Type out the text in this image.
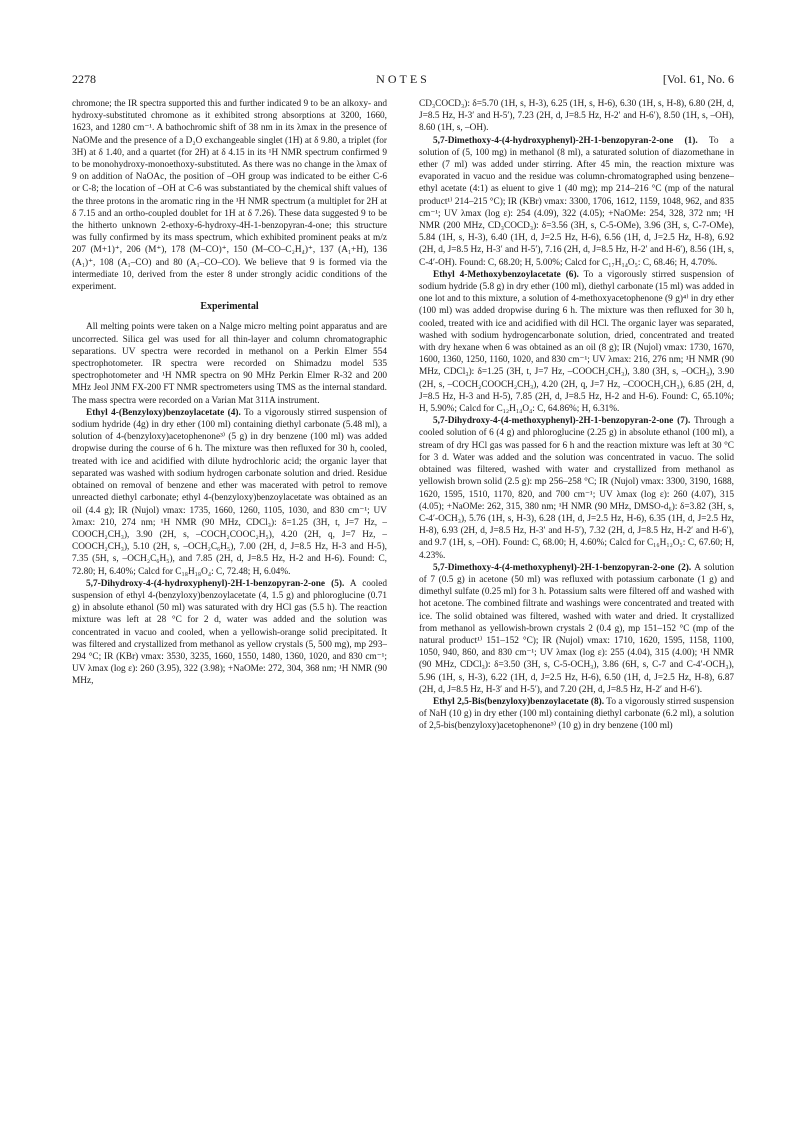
2278	NOTES	[Vol. 61, No. 6

chromone; the IR spectra supported this and further indicated 9 to be an alkoxy- and hydroxy-substituted chromone as it exhibited strong absorptions at 3200, 1660, 1623, and 1280 cm⁻¹. A bathochromic shift of 38 nm in its λmax in the presence of NaOMe and the presence of a D₂O exchangeable singlet (1H) at δ 9.80, a triplet (for 3H) at δ 1.40, and a quartet (for 2H) at δ 4.15 in its ¹H NMR spectrum confirmed 9 to be monohydroxy-monoethoxy-substituted. As there was no change in the λmax of 9 on addition of NaOAc, the position of –OH group was indicated to be either C-6 or C-8; the location of –OH at C-6 was substantiated by the chemical shift values of the three protons in the aromatic ring in the ¹H NMR spectrum (a multiplet for 2H at δ 7.15 and an ortho-coupled doublet for 1H at δ 7.26). These data suggested 9 to be the hitherto unknown 2-ethoxy-6-hydroxy-4H-1-benzopyran-4-one; this structure was fully confirmed by its mass spectrum, which exhibited prominent peaks at m/z 207 (M+1)⁺, 206 (M⁺), 178 (M–CO)⁺, 150 (M–CO–C₂H₄)⁺, 137 (A₁+H), 136 (A₁)⁺, 108 (A₁–CO) and 80 (A₁–CO–CO). We believe that 9 is formed via the intermediate 10, derived from the ester 8 under strongly acidic conditions of the experiment.

Experimental

All melting points were taken on a Nalge micro melting point apparatus and are uncorrected. Silica gel was used for all thin-layer and column chromatographic separations. UV spectra were recorded in methanol on a Perkin Elmer 554 spectrophotometer. IR spectra were recorded on Shimadzu model 535 spectrophotometer and ¹H NMR spectra on 90 MHz Perkin Elmer R-32 and 200 MHz Jeol JNM FX-200 FT NMR spectrometers using TMS as the internal standard. The mass spectra were recorded on a Varian Mat 311A instrument.

Ethyl 4-(Benzyloxy)benzoylacetate (4). To a vigorously stirred suspension of sodium hydride (4g) in dry ether (100 ml) containing diethyl carbonate (5.48 ml), a solution of 4-(benzyloxy)acetophenone³⁾ (5 g) in dry benzene (100 ml) was added dropwise during the course of 6 h. The mixture was then refluxed for 30 h, cooled, treated with ice and acidified with dilute hydrochloric acid; the organic layer that separated was washed with sodium hydrogen carbonate solution and dried. Residue obtained on removal of benzene and ether was macerated with petrol to remove unreacted diethyl carbonate; ethyl 4-(benzyloxy)benzoylacetate was obtained as an oil (4.4 g); IR (Nujol) νmax: 1735, 1660, 1260, 1105, 1030, and 830 cm⁻¹; UV λmax: 210, 274 nm; ¹H NMR (90 MHz, CDCl₃): δ=1.25 (3H, t, J=7 Hz, –COOCH₂CH₃), 3.90 (2H, s, –COCH₂COOC₂H₅), 4.20 (2H, q, J=7 Hz, –COOCH₂CH₃), 5.10 (2H, s, –OCH₂C₆H₅), 7.00 (2H, d, J=8.5 Hz, H-3 and H-5), 7.35 (5H, s, –OCH₂C₆H₅), and 7.85 (2H, d, J=8.5 Hz, H-2 and H-6). Found: C, 72.80; H, 6.40%; Calcd for C₁₈H₁₈O₄: C, 72.48; H, 6.04%.

5,7-Dihydroxy-4-(4-hydroxyphenyl)-2H-1-benzopyran-2-one (5). A cooled suspension of ethyl 4-(benzyloxy)benzoylacetate (4, 1.5 g) and phloroglucine (0.71 g) in absolute ethanol (50 ml) was saturated with dry HCl gas (5.5 h). The reaction mixture was left at 28 °C for 2 d, water was added and the solution was concentrated in vacuo and cooled, when a yellowish-orange solid precipitated. It was filtered and crystallized from methanol as yellow crystals (5, 500 mg), mp 293–294 °C; IR (KBr) νmax: 3530, 3235, 1660, 1550, 1480, 1360, 1020, and 830 cm⁻¹; UV λmax (log ε): 260 (3.95), 322 (3.98); +NaOMe: 272, 304, 368 nm; ¹H NMR (90 MHz,

CD₃COCD₃): δ=5.70 (1H, s, H-3), 6.25 (1H, s, H-6), 6.30 (1H, s, H-8), 6.80 (2H, d, J=8.5 Hz, H-3′ and H-5′), 7.23 (2H, d, J=8.5 Hz, H-2′ and H-6′), 8.50 (1H, s, –OH), 8.60 (1H, s, –OH).

5,7-Dimethoxy-4-(4-hydroxyphenyl)-2H-1-benzopyran-2-one (1). To a solution of (5, 100 mg) in methanol (8 ml), a saturated solution of diazomethane in ether (7 ml) was added under stirring. After 45 min, the reaction mixture was evaporated in vacuo and the residue was column-chromatographed using benzene–ethyl acetate (4:1) as eluent to give 1 (40 mg); mp 214–216 °C (mp of the natural product¹⁾ 214–215 °C); IR (KBr) νmax: 3300, 1706, 1612, 1159, 1048, 962, and 835 cm⁻¹; UV λmax (log ε): 254 (4.09), 322 (4.05); +NaOMe: 254, 328, 372 nm; ¹H NMR (200 MHz, CD₃COCD₃): δ=3.56 (3H, s, C-5-OMe), 3.96 (3H, s, C-7-OMe), 5.84 (1H, s, H-3), 6.40 (1H, d, J=2.5 Hz, H-6), 6.56 (1H, d, J=2.5 Hz, H-8), 6.92 (2H, d, J=8.5 Hz, H-3′ and H-5′), 7.16 (2H, d, J=8.5 Hz, H-2′ and H-6′), 8.56 (1H, s, C-4′-OH). Found: C, 68.20; H, 5.00%; Calcd for C₁₇H₁₄O₅: C, 68.46; H, 4.70%.

Ethyl 4-Methoxybenzoylacetate (6). To a vigorously stirred suspension of sodium hydride (5.8 g) in dry ether (100 ml), diethyl carbonate (15 ml) was added in one lot and to this mixture, a solution of 4-methoxyacetophenone (9 g)⁴⁾ in dry ether (100 ml) was added dropwise during 6 h. The mixture was then refluxed for 30 h, cooled, treated with ice and acidified with dil HCl. The organic layer was separated, washed with sodium hydrogencarbonate solution, dried, concentrated and treated with dry hexane when 6 was obtained as an oil (8 g); IR (Nujol) νmax: 1730, 1670, 1600, 1360, 1250, 1160, 1020, and 830 cm⁻¹; UV λmax: 216, 276 nm; ¹H NMR (90 MHz, CDCl₃): δ=1.25 (3H, t, J=7 Hz, –COOCH₂CH₃), 3.80 (3H, s, –OCH₃), 3.90 (2H, s, –COCH₂COOCH₂CH₃), 4.20 (2H, q, J=7 Hz, –COOCH₂CH₃), 6.85 (2H, d, J=8.5 Hz, H-3 and H-5), 7.85 (2H, d, J=8.5 Hz, H-2 and H-6). Found: C, 65.10%; H, 5.90%; Calcd for C₁₂H₁₄O₄: C, 64.86%; H, 6.31%.

5,7-Dihydroxy-4-(4-methoxyphenyl)-2H-1-benzopyran-2-one (7). Through a cooled solution of 6 (4 g) and phloroglucine (2.25 g) in absolute ethanol (100 ml), a stream of dry HCl gas was passed for 6 h and the reaction mixture was left at 30 °C for 3 d. Water was added and the solution was concentrated in vacuo. The solid obtained was filtered, washed with water and crystallized from methanol as yellowish brown solid (2.5 g): mp 256–258 °C; IR (Nujol) νmax: 3300, 3190, 1688, 1620, 1595, 1510, 1170, 820, and 700 cm⁻¹; UV λmax (log ε): 260 (4.07), 315 (4.05); +NaOMe: 262, 315, 380 nm; ¹H NMR (90 MHz, DMSO-d₆): δ=3.82 (3H, s, C-4′-OCH₃), 5.76 (1H, s, H-3), 6.28 (1H, d, J=2.5 Hz, H-6), 6.35 (1H, d, J=2.5 Hz, H-8), 6.93 (2H, d, J=8.5 Hz, H-3′ and H-5′), 7.32 (2H, d, J=8.5 Hz, H-2′ and H-6′), and 9.7 (1H, s, –OH). Found: C, 68.00; H, 4.60%; Calcd for C₁₆H₁₂O₅: C, 67.60; H, 4.23%.

5,7-Dimethoxy-4-(4-methoxyphenyl)-2H-1-benzopyran-2-one (2). A solution of 7 (0.5 g) in acetone (50 ml) was refluxed with potassium carbonate (1 g) and dimethyl sulfate (0.25 ml) for 3 h. Potassium salts were filtered off and washed with hot acetone. The combined filtrate and washings were concentrated and treated with ice. The solid obtained was filtered, washed with water and dried. It crystallized from methanol as yellowish-brown crystals 2 (0.4 g), mp 151–152 °C (mp of the natural product¹⁾ 151–152 °C); IR (Nujol) νmax: 1710, 1620, 1595, 1158, 1100, 1050, 940, 860, and 830 cm⁻¹; UV λmax (log ε): 255 (4.04), 315 (4.00); ¹H NMR (90 MHz, CDCl₃): δ=3.50 (3H, s, C-5-OCH₃), 3.86 (6H, s, C-7 and C-4′-OCH₃), 5.96 (1H, s, H-3), 6.22 (1H, d, J=2.5 Hz, H-6), 6.50 (1H, d, J=2.5 Hz, H-8), 6.87 (2H, d, J=8.5 Hz, H-3′ and H-5′), and 7.20 (2H, d, J=8.5 Hz, H-2′ and H-6′).

Ethyl 2,5-Bis(benzyloxy)benzoylacetate (8). To a vigorously stirred suspension of NaH (10 g) in dry ether (100 ml) containing diethyl carbonate (6.2 ml), a solution of 2,5-bis(benzyloxy)acetophenone⁵⁾ (10 g) in dry benzene (100 ml)
